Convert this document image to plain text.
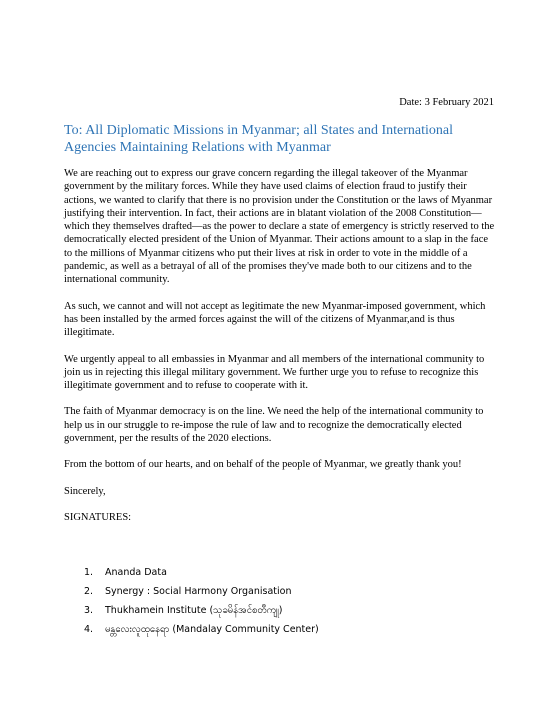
Date: 3 February 2021
To: All Diplomatic Missions in Myanmar; all States and International Agencies Maintaining Relations with Myanmar

We are reaching out to express our grave concern regarding the illegal takeover of the Myanmar government by the military forces. While they have used claims of election fraud to justify their actions, we wanted to clarify that there is no provision under the Constitution or the laws of Myanmar justifying their intervention. In fact, their actions are in blatant violation of the 2008 Constitution—which they themselves drafted—as the power to declare a state of emergency is strictly reserved to the democratically elected president of the Union of Myanmar. Their actions amount to a slap in the face to the millions of Myanmar citizens who put their lives at risk in order to vote in the middle of a pandemic, as well as a betrayal of all of the promises they've made both to our citizens and to the international community.

As such, we cannot and will not accept as legitimate the new Myanmar-imposed government, which has been installed by the armed forces against the will of the citizens of Myanmar,and is thus illegitimate.

We urgently appeal to all embassies in Myanmar and all members of the international community to join us in rejecting this illegal military government. We further urge you to refuse to recognize this illegitimate government and to refuse to cooperate with it.

The faith of Myanmar democracy is on the line. We need the help of the international community to help us in our struggle to re-impose the rule of law and to recognize the democratically elected government, per the results of the 2020 elections.

From the bottom of our hearts, and on behalf of the people of Myanmar, we greatly thank you!

Sincerely,

SIGNATURES:

1.	Ananda Data
2.	Synergy : Social Harmony Organisation
3.	Thukhamein Institute (သုခမိန်အင်စတီကျု)
4.	မန္တလေးလူထုနေရာ (Mandalay Community Center)
